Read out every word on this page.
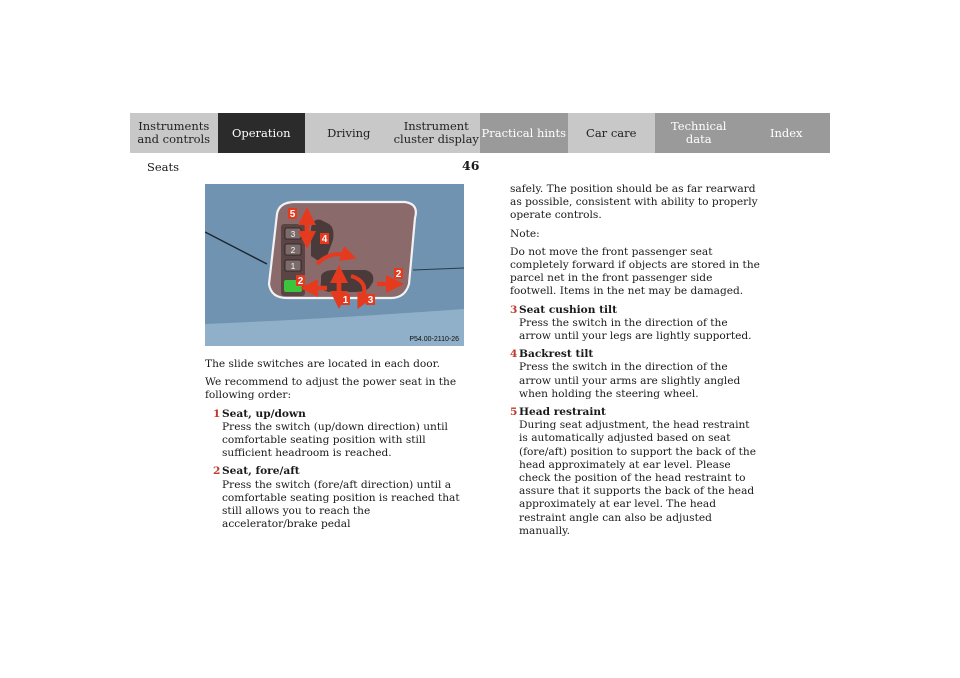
Instruments
and controls	Operation	Driving	Instrument
cluster display Practical hints	Car care	Technical
data	Index
Seats	46
3
2
1
5
4
2
2
1 3
P54.00-2110-26

The slide switches are located in each door.

We recommend to adjust the power seat in the following order:

1 Seat, up/down
Press the switch (up/down direction) until comfortable seating position with still sufficient headroom is reached.
2 Seat, fore/aft
Press the switch (fore/aft direction) until a comfortable seating position is reached that still allows you to reach the accelerator/brake pedal

safely. The position should be as far rearward as possible, consistent with ability to properly operate controls.

Note:

Do not move the front passenger seat completely forward if objects are stored in the parcel net in the front passenger side footwell. Items in the net may be damaged.

3 Seat cushion tilt
Press the switch in the direction of the arrow until your legs are lightly supported.
4 Backrest tilt
Press the switch in the direction of the arrow until your arms are slightly angled when holding the steering wheel.
5 Head restraint
During seat adjustment, the head restraint is automatically adjusted based on seat (fore/aft) position to support the back of the head approximately at ear level. Please check the position of the head restraint to assure that it supports the back of the head approximately at ear level. The head restraint angle can also be adjusted manually.
